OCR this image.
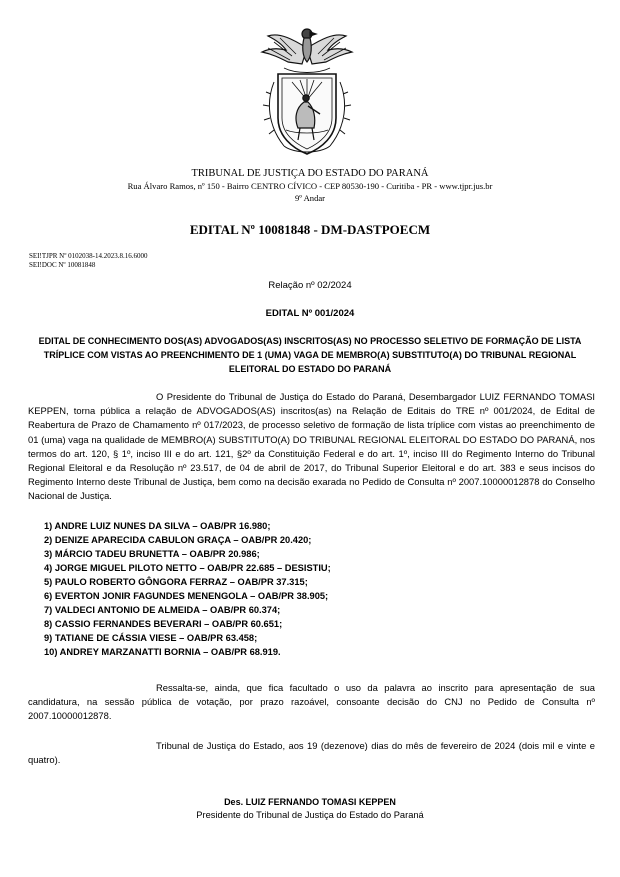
TRIBUNAL DE JUSTIÇA DO ESTADO DO PARANÁ
Rua Álvaro Ramos, nº 150 - Bairro CENTRO CÍVICO - CEP 80530-190 - Curitiba - PR - www.tjpr.jus.br
9º Andar
EDITAL Nº 10081848 - DM-DASTPOECM
SEI!TJPR Nº 0102038-14.2023.8.16.6000
SEI!DOC Nº 10081848
Relação nº 02/2024
EDITAL Nº 001/2024
EDITAL DE CONHECIMENTO DOS(AS) ADVOGADOS(AS) INSCRITOS(AS) NO PROCESSO SELETIVO DE FORMAÇÃO DE LISTA TRÍPLICE COM VISTAS AO PREENCHIMENTO DE 1 (UMA) VAGA DE MEMBRO(A) SUBSTITUTO(A) DO TRIBUNAL REGIONAL ELEITORAL DO ESTADO DO PARANÁ
O Presidente do Tribunal de Justiça do Estado do Paraná, Desembargador LUIZ FERNANDO TOMASI KEPPEN, torna pública a relação de ADVOGADOS(AS) inscritos(as) na Relação de Editais do TRE nº 001/2024, de Edital de Reabertura de Prazo de Chamamento nº 017/2023, de processo seletivo de formação de lista tríplice com vistas ao preenchimento de 01 (uma) vaga na qualidade de MEMBRO(A) SUBSTITUTO(A) DO TRIBUNAL REGIONAL ELEITORAL DO ESTADO DO PARANÁ, nos termos do art. 120, § 1º, inciso III e do art. 121, §2º da Constituição Federal e do art. 1º, inciso III do Regimento Interno do Tribunal Regional Eleitoral e da Resolução nº 23.517, de 04 de abril de 2017, do Tribunal Superior Eleitoral e do art. 383 e seus incisos do Regimento Interno deste Tribunal de Justiça, bem como na decisão exarada no Pedido de Consulta nº 2007.10000012878 do Conselho Nacional de Justiça.
1) ANDRE LUIZ NUNES DA SILVA – OAB/PR 16.980;
2) DENIZE APARECIDA CABULON GRAÇA – OAB/PR 20.420;
3) MÁRCIO TADEU BRUNETTA – OAB/PR 20.986;
4) JORGE MIGUEL PILOTO NETTO – OAB/PR 22.685 – DESISTIU;
5) PAULO ROBERTO GÔNGORA FERRAZ – OAB/PR 37.315;
6) EVERTON JONIR FAGUNDES MENENGOLA – OAB/PR 38.905;
7) VALDECI ANTONIO DE ALMEIDA – OAB/PR 60.374;
8) CASSIO FERNANDES BEVERARI – OAB/PR 60.651;
9) TATIANE DE CÁSSIA VIESE – OAB/PR 63.458;
10) ANDREY MARZANATTI BORNIA – OAB/PR 68.919.
Ressalta-se, ainda, que fica facultado o uso da palavra ao inscrito para apresentação de sua candidatura, na sessão pública de votação, por prazo razoável, consoante decisão do CNJ no Pedido de Consulta nº 2007.10000012878.
Tribunal de Justiça do Estado, aos 19 (dezenove) dias do mês de fevereiro de 2024 (dois mil e vinte e quatro).
Des. LUIZ FERNANDO TOMASI KEPPEN
Presidente do Tribunal de Justiça do Estado do Paraná
